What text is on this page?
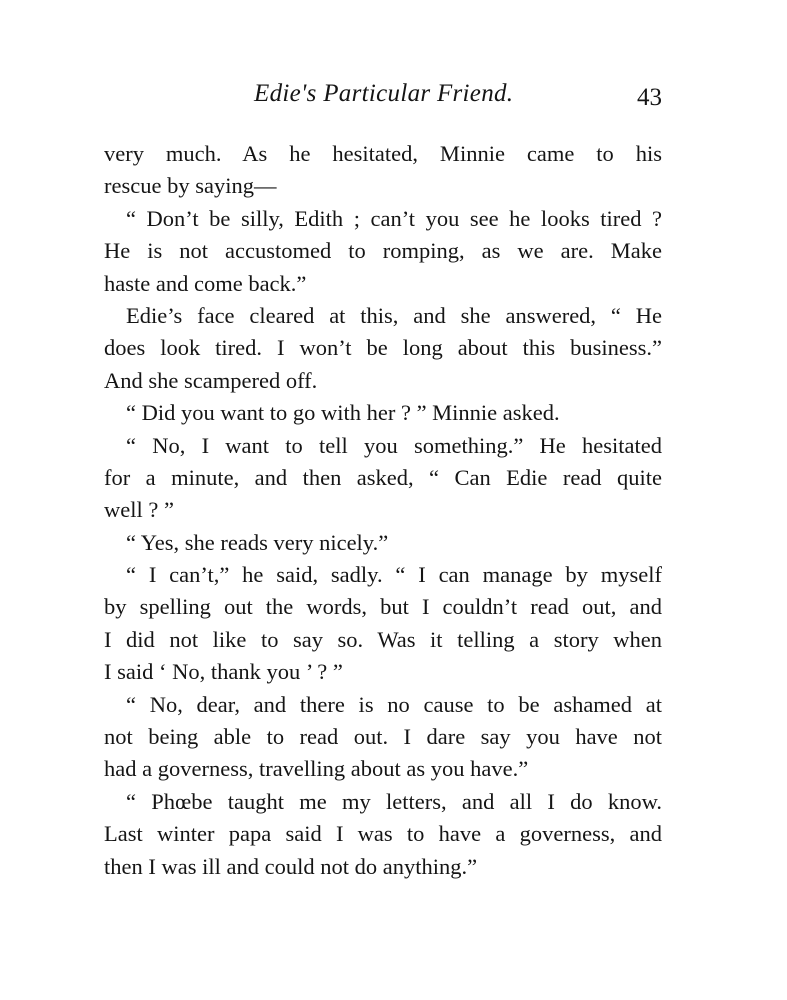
Edie's Particular Friend.	43
very much. As he hesitated, Minnie came to his
rescue by saying—
“ Don’t be silly, Edith ; can’t you see he looks tired ?
He is not accustomed to romping, as we are. Make
haste and come back.”
Edie’s face cleared at this, and she answered, “ He
does look tired. I won’t be long about this business.”
And she scampered off.
“ Did you want to go with her ? ” Minnie asked.
“ No, I want to tell you something.” He hesitated
for a minute, and then asked, “ Can Edie read quite
well ? ”
“ Yes, she reads very nicely.”
“ I can’t,” he said, sadly. “ I can manage by myself
by spelling out the words, but I couldn’t read out, and
I did not like to say so. Was it telling a story when
I said ‘ No, thank you ’ ? ”
“ No, dear, and there is no cause to be ashamed at
not being able to read out. I dare say you have not
had a governess, travelling about as you have.”
“ Phœbe taught me my letters, and all I do know.
Last winter papa said I was to have a governess, and
then I was ill and could not do anything.”
